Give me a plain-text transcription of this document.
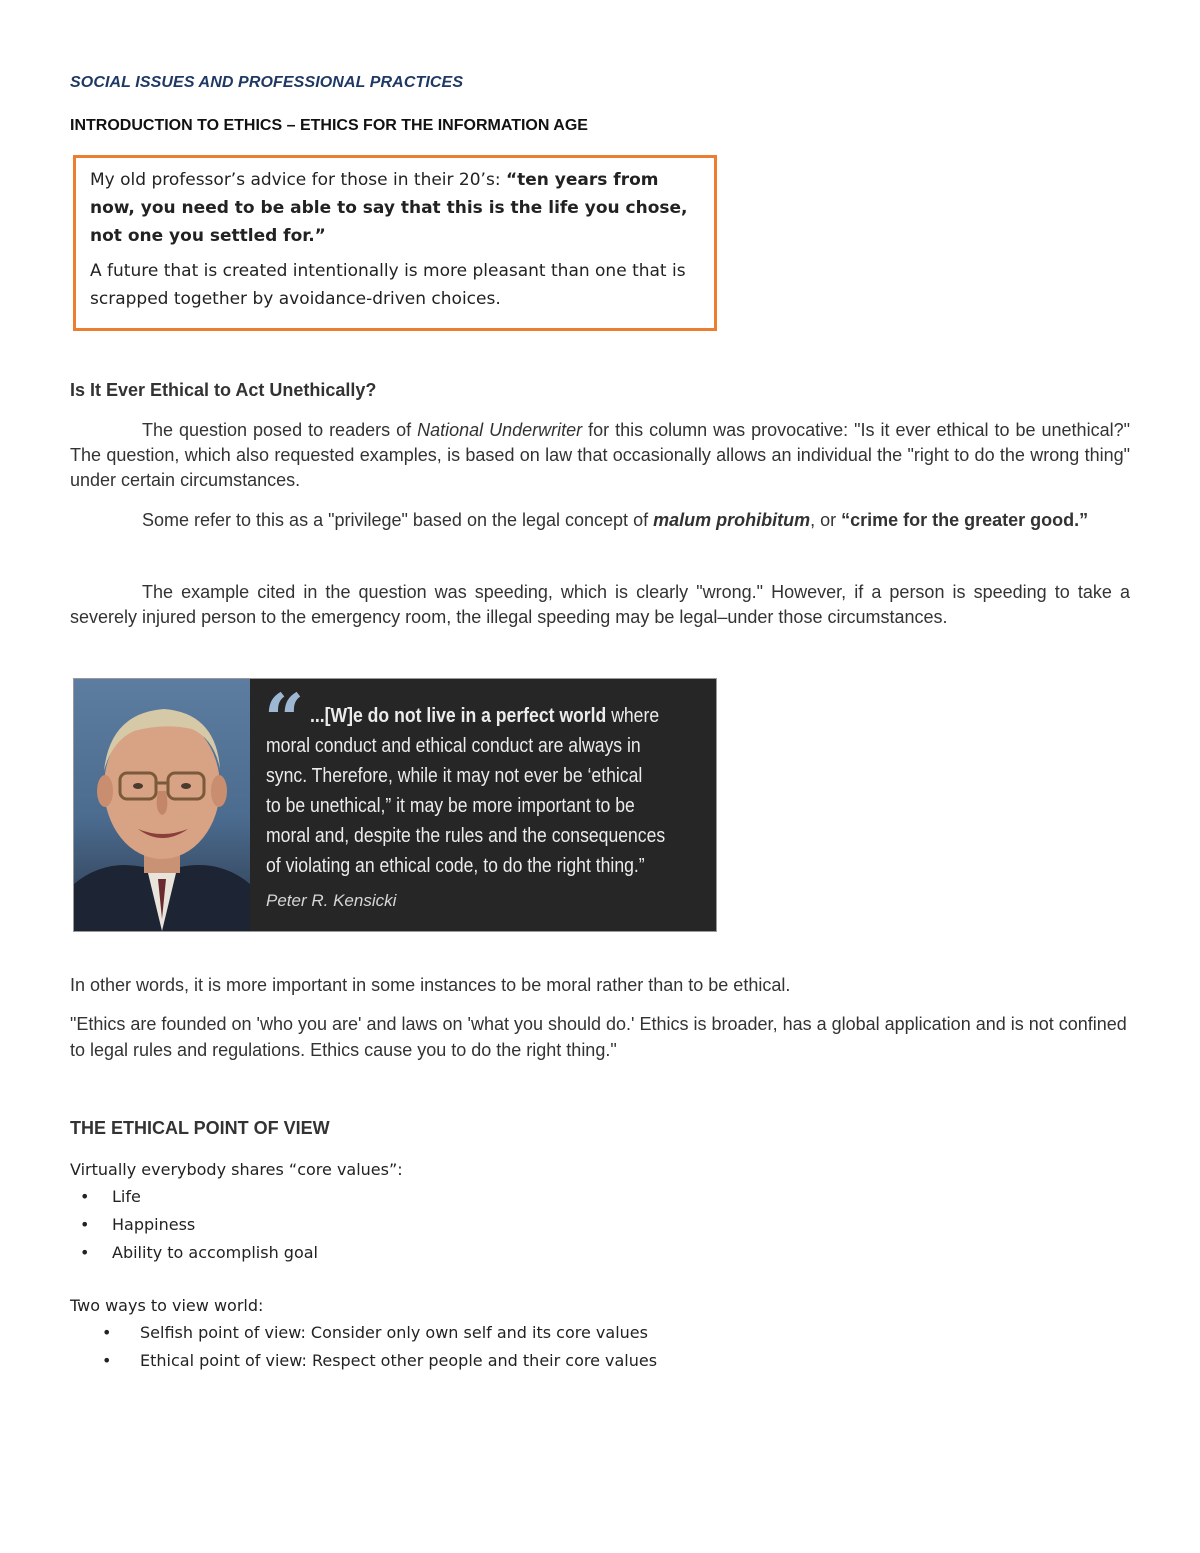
SOCIAL ISSUES AND PROFESSIONAL PRACTICES
INTRODUCTION TO ETHICS – ETHICS FOR THE INFORMATION AGE

My old professor’s advice for those in their 20’s: “ten years from now, you need to be able to say that this is the life you chose, not one you settled for.”

A future that is created intentionally is more pleasant than one that is scrapped together by avoidance-driven choices.

Is It Ever Ethical to Act Unethically?

The question posed to readers of National Underwriter for this column was provocative: "Is it ever ethical to be unethical?" The question, which also requested examples, is based on law that occasionally allows an individual the "right to do the wrong thing" under certain circumstances.

Some refer to this as a "privilege" based on the legal concept of malum prohibitum, or “crime for the greater good.”

The example cited in the question was speeding, which is clearly "wrong." However, if a person is speeding to take a severely injured person to the emergency room, the illegal speeding may be legal–under those circumstances.

“ ...[W]e do not live in a perfect world where
moral conduct and ethical conduct are always in
sync. Therefore, while it may not ever be ‘ethical
to be unethical,” it may be more important to be
moral and, despite the rules and the consequences
of violating an ethical code, to do the right thing.”
Peter R. Kensicki

In other words, it is more important in some instances to be moral rather than to be ethical.

"Ethics are founded on 'who you are' and laws on 'what you should do.' Ethics is broader, has a global application and is not confined to legal rules and regulations. Ethics cause you to do the right thing."

THE ETHICAL POINT OF VIEW
Virtually everybody shares “core values”:
• Life
• Happiness
• Ability to accomplish goal
Two ways to view world:
• Selfish point of view: Consider only own self and its core values
• Ethical point of view: Respect other people and their core values
